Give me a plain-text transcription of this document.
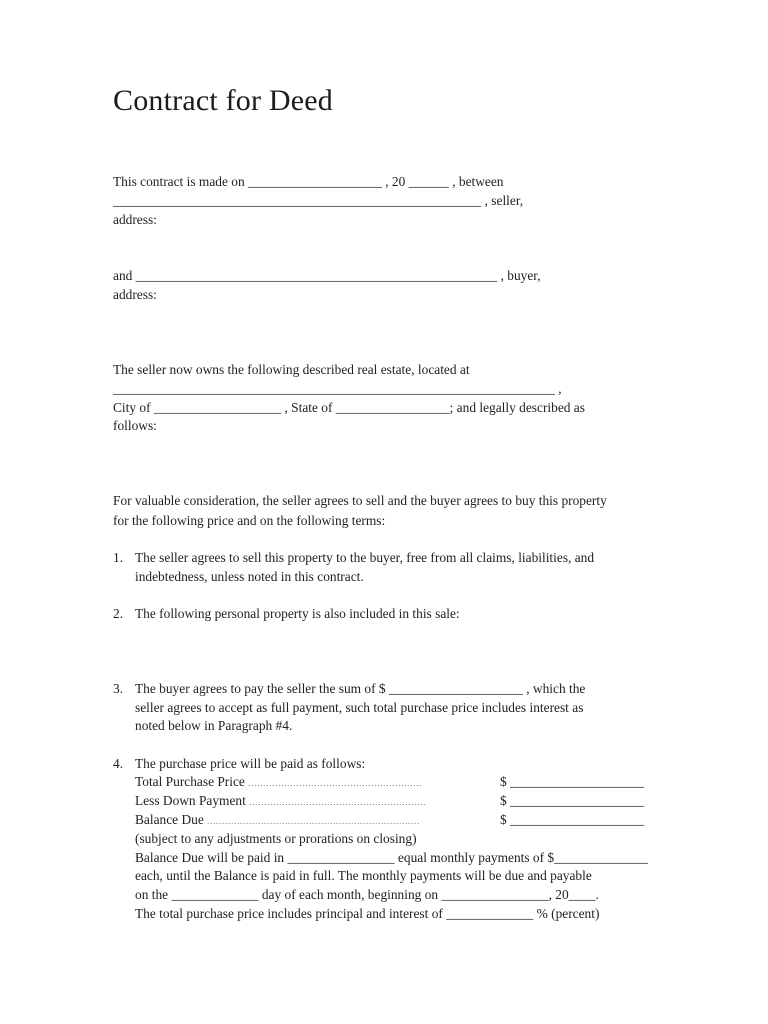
Contract for Deed
This contract is made on ____________________ , 20 ______ , between
_______________________________________________________ , seller,
address:
and ______________________________________________________ , buyer,
address:
The seller now owns the following described real estate, located at
__________________________________________________________________ ,
City of ___________________ , State of _________________; and legally described as
follows:
For valuable consideration, the seller agrees to sell and the buyer agrees to buy this property
for the following price and on the following terms:
1. The seller agrees to sell this property to the buyer, free from all claims, liabilities, and
indebtedness, unless noted in this contract.
2. The following personal property is also included in this sale:
3. The buyer agrees to pay the seller the sum of $ ____________________ , which the
seller agrees to accept as full payment, such total purchase price includes interest as
noted below in Paragraph #4.
4. The purchase price will be paid as follows:
Total Purchase Price ..........................................................	$ ____________________
Less Down Payment ...........................................................	$ ____________________
Balance Due .......................................................................	$ ____________________
(subject to any adjustments or prorations on closing)
Balance Due will be paid in ________________ equal monthly payments of $______________
each, until the Balance is paid in full. The monthly payments will be due and payable
on the _____________ day of each month, beginning on ________________, 20____.
The total purchase price includes principal and interest of _____________ % (percent)
